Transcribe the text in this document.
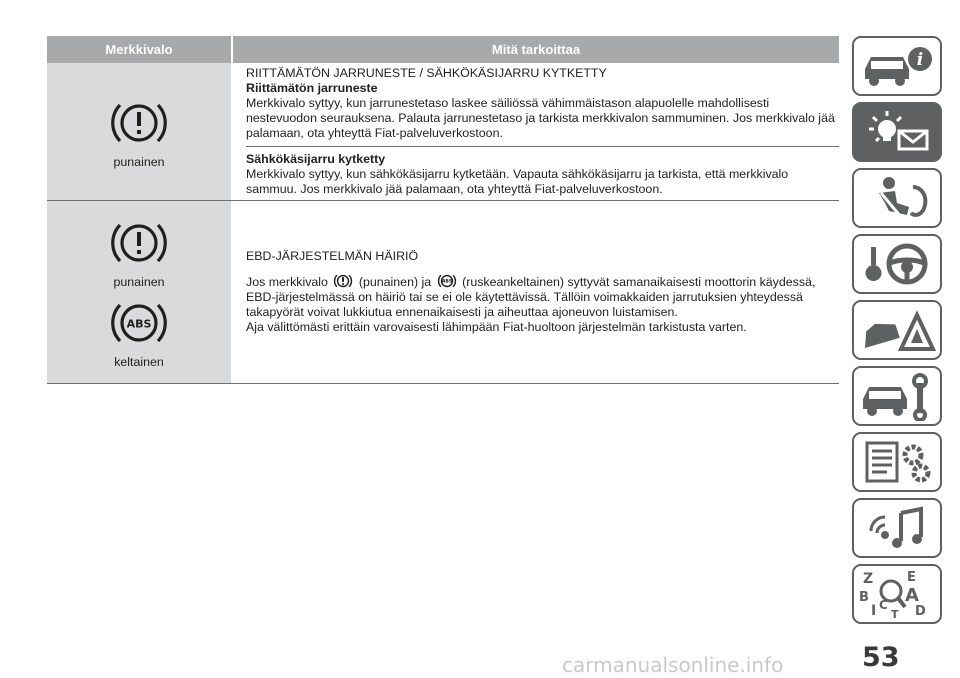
Merkkivalo	Mitä tarkoittaa
punainen
RIITTÄMÄTÖN JARRUNESTE / SÄHKÖKÄSIJARRU KYTKETTY
Riittämätön jarruneste
Merkkivalo syttyy, kun jarrunestetaso laskee säiliössä vähimmäistason alapuolelle mahdollisesti nestevuodon seurauksena. Palauta jarrunestetaso ja tarkista merkkivalon sammuminen. Jos merkkivalo jää palamaan, ota yhteyttä Fiat-palveluverkostoon.
Sähkökäsijarru kytketty
Merkkivalo syttyy, kun sähkökäsijarru kytketään. Vapauta sähkökäsijarru ja tarkista, että merkkivalo sammuu. Jos merkkivalo jää palamaan, ota yhteyttä Fiat-palveluverkostoon.
punainen
ABS
keltainen
EBD-JÄRJESTELMÄN HÄIRIÖ
Jos merkkivalo (punainen) ja ABS (ruskeankeltainen) syttyvät samanaikaisesti moottorin käydessä, EBD-järjestelmässä on häiriö tai se ei ole käytettävissä. Tällöin voimakkaiden jarrutuksien yhteydessä takapyörät voivat lukkiutua ennenaikaisesti ja aiheuttaa ajoneuvon luistamisen.
Aja välittömästi erittäin varovaisesti lähimpään Fiat-huoltoon järjestelmän tarkistusta varten.
i
Z	E
B A
I C D
T
53
carmanualsonline.info
